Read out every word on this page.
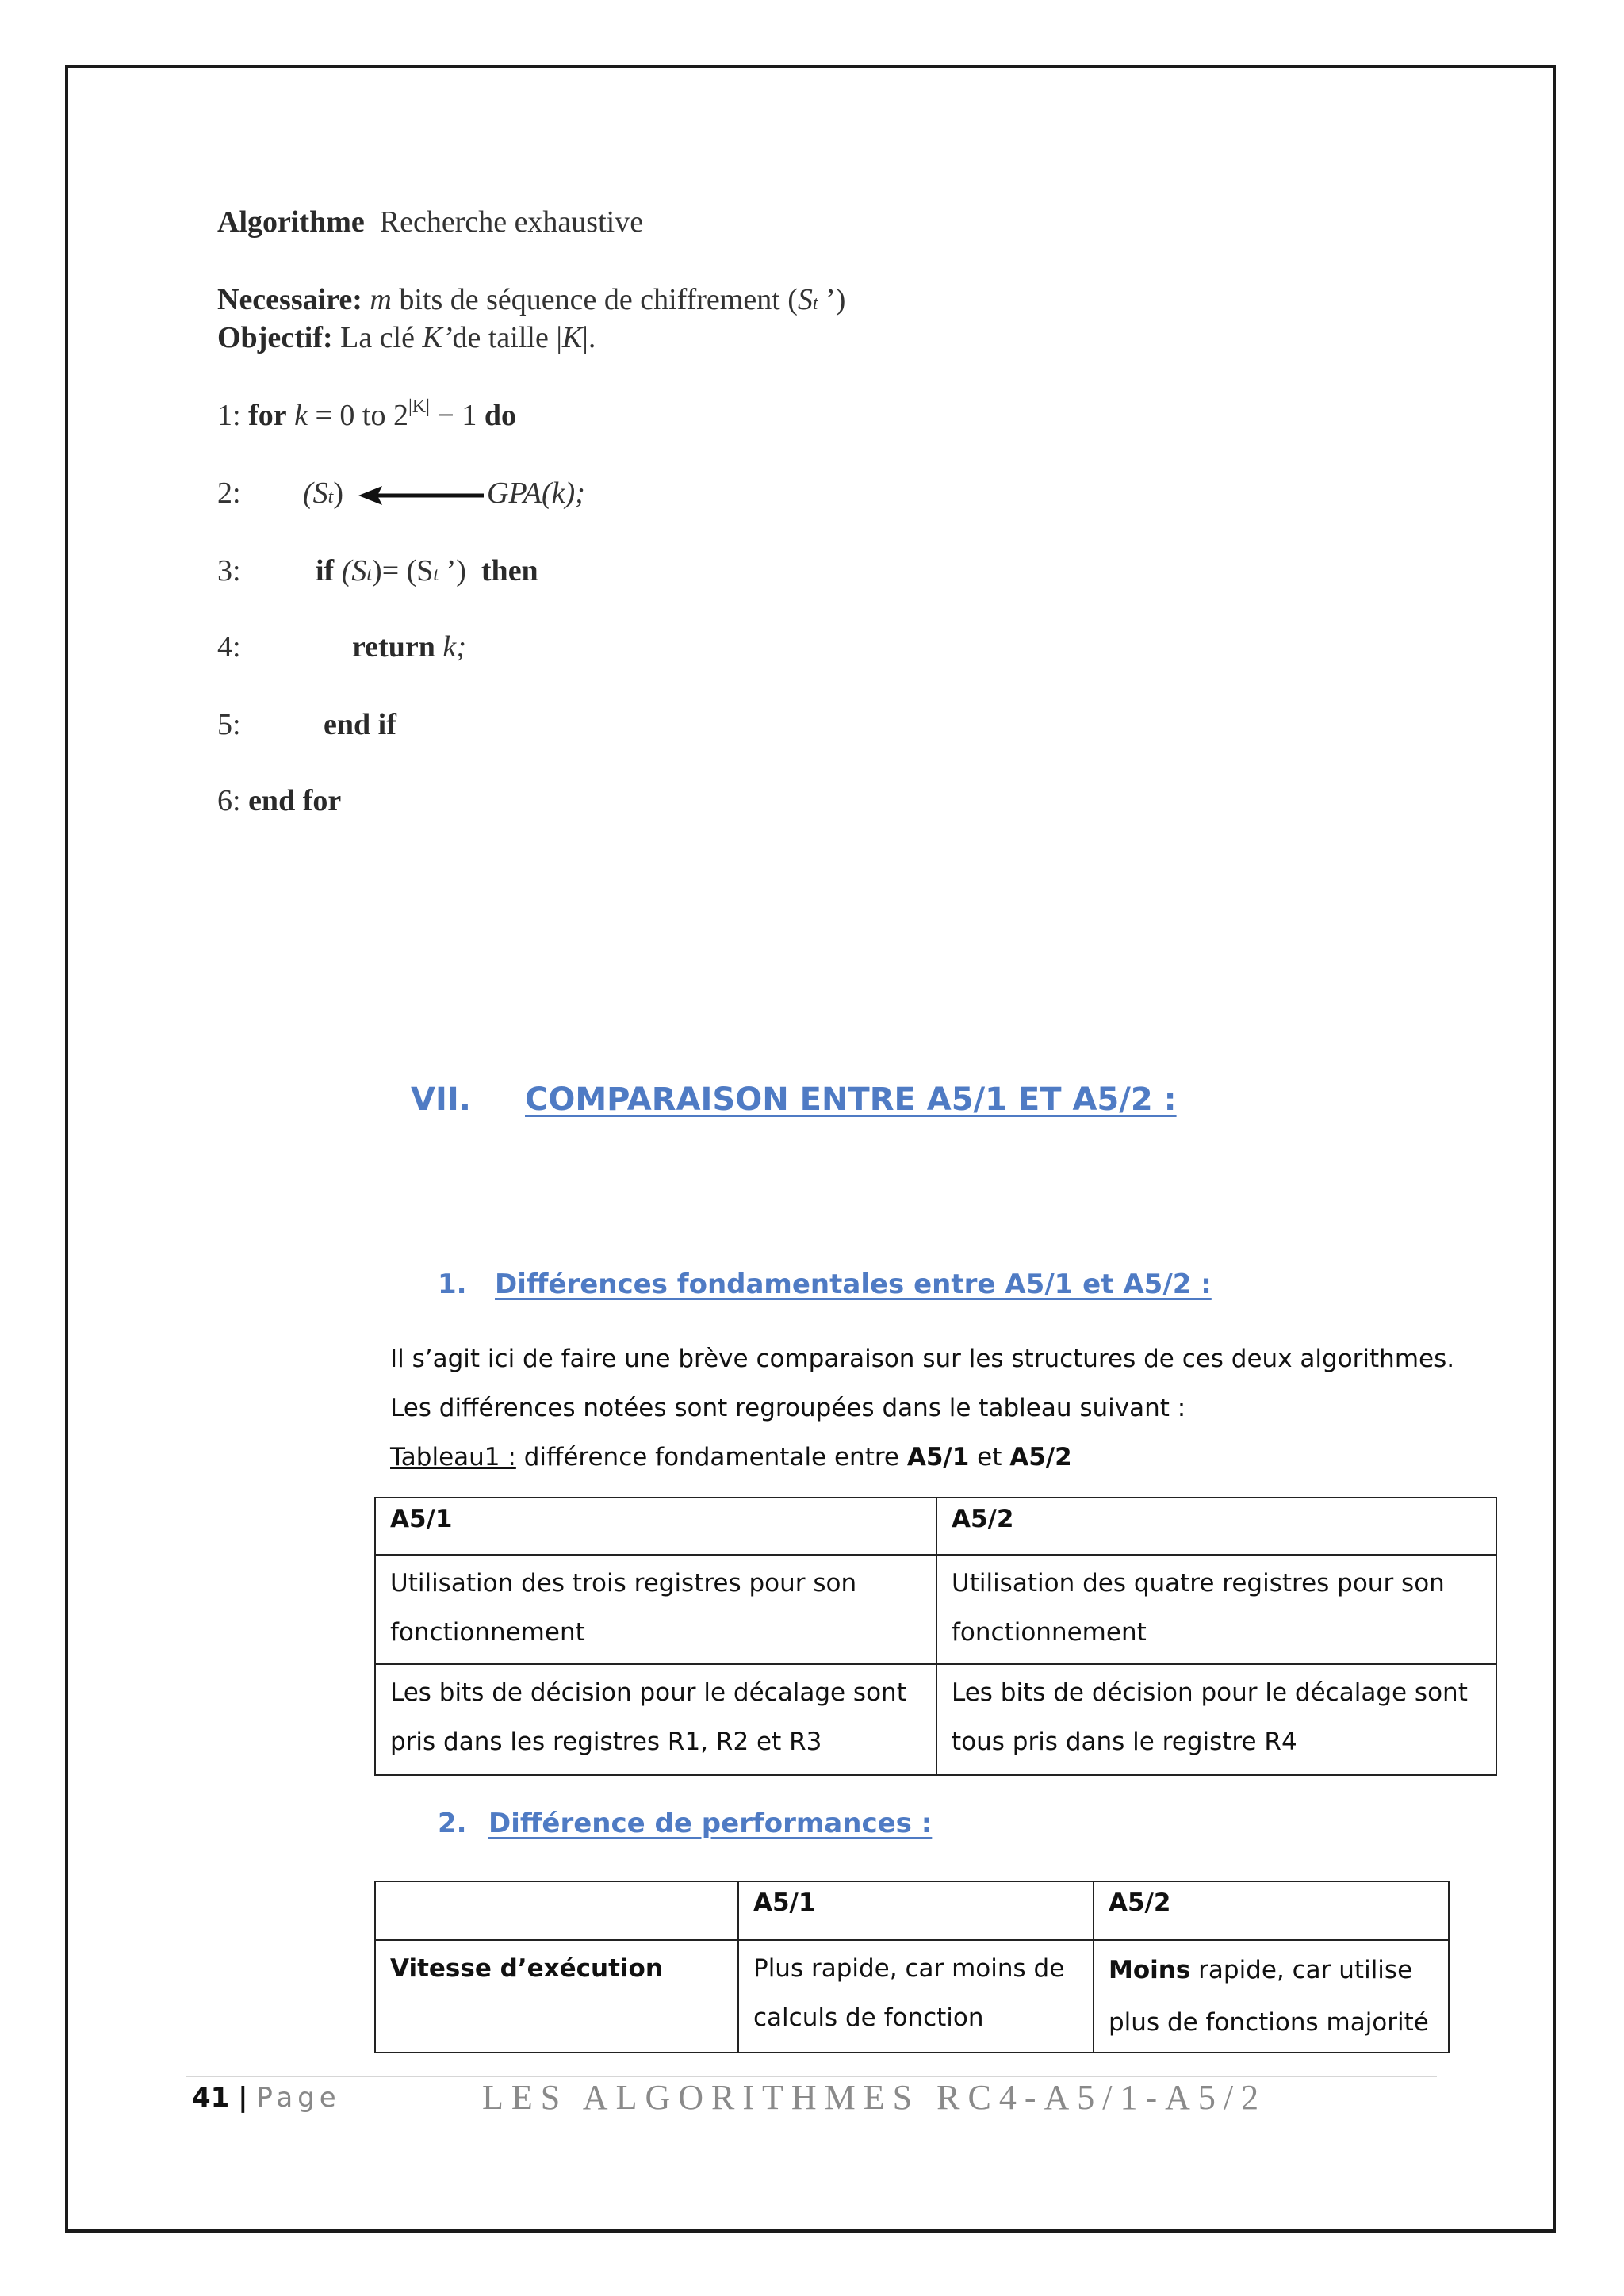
Algorithme Recherche exhaustive
Necessaire: m bits de séquence de chiffrement (St ’)
Objectif: La clé K’de taille |K|.
1: for k = 0 to $2^{|K|} - 1$ do
2: (St)	GPA(k);
3: if (St)= (St ’) then
4:	return k;
5:	end if
6: end for
VII. COMPARAISON ENTRE A5/1 ET A5/2 :
1. Différences fondamentales entre A5/1 et A5/2 :
Il s’agit ici de faire une brève comparaison sur les structures de ces deux algorithmes.
Les différences notées sont regroupées dans le tableau suivant :
Tableau1 : différence fondamentale entre A5/1 et A5/2
A5/1	A5/2
Utilisation des trois registres pour son fonctionnement	Utilisation des quatre registres pour son fonctionnement
Les bits de décision pour le décalage sont pris dans les registres R1, R2 et R3	Les bits de décision pour le décalage sont tous pris dans le registre R4
2. Différence de performances :
	A5/1	A5/2
Vitesse d’exécution	Plus rapide, car moins de calculs de fonction	Moins rapide, car utilise plus de fonctions majorité
41 | Page	LES ALGORITHMES RC4-A5/1-A5/2
